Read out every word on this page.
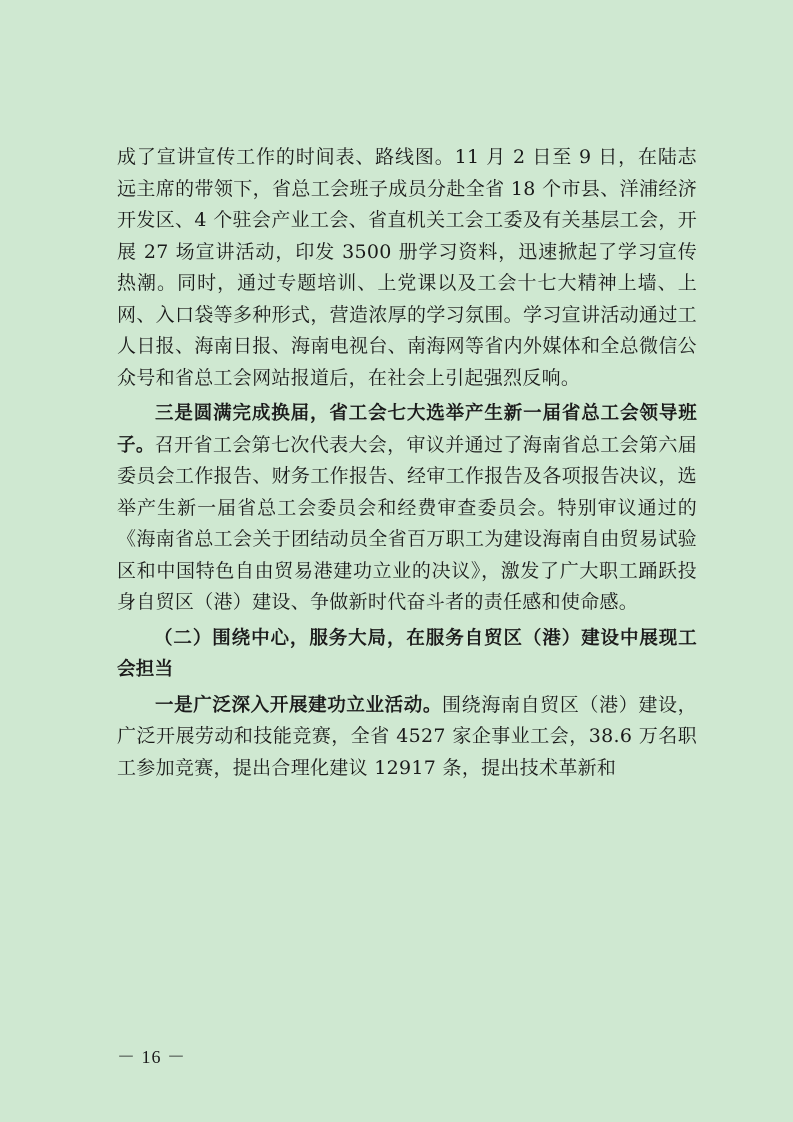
成了宣讲宣传工作的时间表、路线图。11 月 2 日至 9 日，在陆志远主席的带领下，省总工会班子成员分赴全省 18 个市县、洋浦经济开发区、4 个驻会产业工会、省直机关工会工委及有关基层工会，开展 27 场宣讲活动，印发 3500 册学习资料，迅速掀起了学习宣传热潮。同时，通过专题培训、上党课以及工会十七大精神上墙、上网、入口袋等多种形式，营造浓厚的学习氛围。学习宣讲活动通过工人日报、海南日报、海南电视台、南海网等省内外媒体和全总微信公众号和省总工会网站报道后，在社会上引起强烈反响。

三是圆满完成换届，省工会七大选举产生新一届省总工会领导班子。召开省工会第七次代表大会，审议并通过了海南省总工会第六届委员会工作报告、财务工作报告、经审工作报告及各项报告决议，选举产生新一届省总工会委员会和经费审查委员会。特别审议通过的《海南省总工会关于团结动员全省百万职工为建设海南自由贸易试验区和中国特色自由贸易港建功立业的决议》，激发了广大职工踊跃投身自贸区（港）建设、争做新时代奋斗者的责任感和使命感。

（二）围绕中心，服务大局，在服务自贸区（港）建设中展现工会担当

一是广泛深入开展建功立业活动。围绕海南自贸区（港）建设，广泛开展劳动和技能竞赛，全省 4527 家企事业工会，38.6 万名职工参加竞赛，提出合理化建议 12917 条，提出技术革新和

－ 16 －
